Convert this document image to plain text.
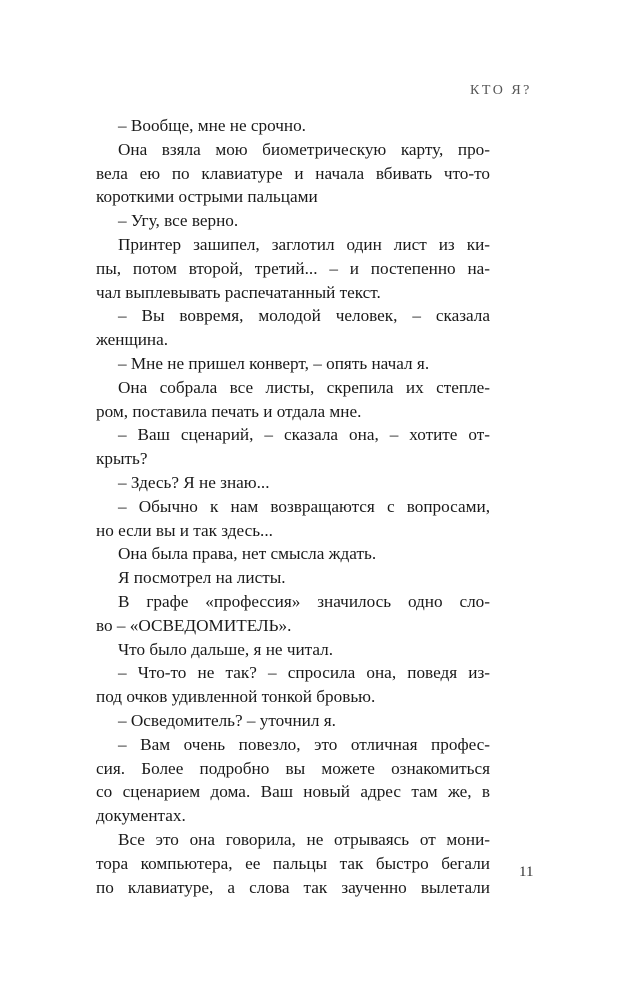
КТО Я?
– Вообще, мне не срочно.
Она взяла мою биометрическую карту, про-
вела ею по клавиатуре и начала вбивать что-то
короткими острыми пальцами
– Угу, все верно.
Принтер зашипел, заглотил один лист из ки-
пы, потом второй, третий... – и постепенно на-
чал выплевывать распечатанный текст.
– Вы вовремя, молодой человек, – сказала
женщина.
– Мне не пришел конверт, – опять начал я.
Она собрала все листы, скрепила их степле-
ром, поставила печать и отдала мне.
– Ваш сценарий, – сказала она, – хотите от-
крыть?
– Здесь? Я не знаю...
– Обычно к нам возвращаются с вопросами,
но если вы и так здесь...
Она была права, нет смысла ждать.
Я посмотрел на листы.
В графе «профессия» значилось одно сло-
во – «ОСВЕДОМИТЕЛЬ».
Что было дальше, я не читал.
– Что-то не так? – спросила она, поведя из-
под очков удивленной тонкой бровью.
– Осведомитель? – уточнил я.
– Вам очень повезло, это отличная профес-
сия. Более подробно вы можете ознакомиться
со сценарием дома. Ваш новый адрес там же, в
документах.
Все это она говорила, не отрываясь от мони-
тора компьютера, ее пальцы так быстро бегали
по клавиатуре, а слова так заученно вылетали
11
